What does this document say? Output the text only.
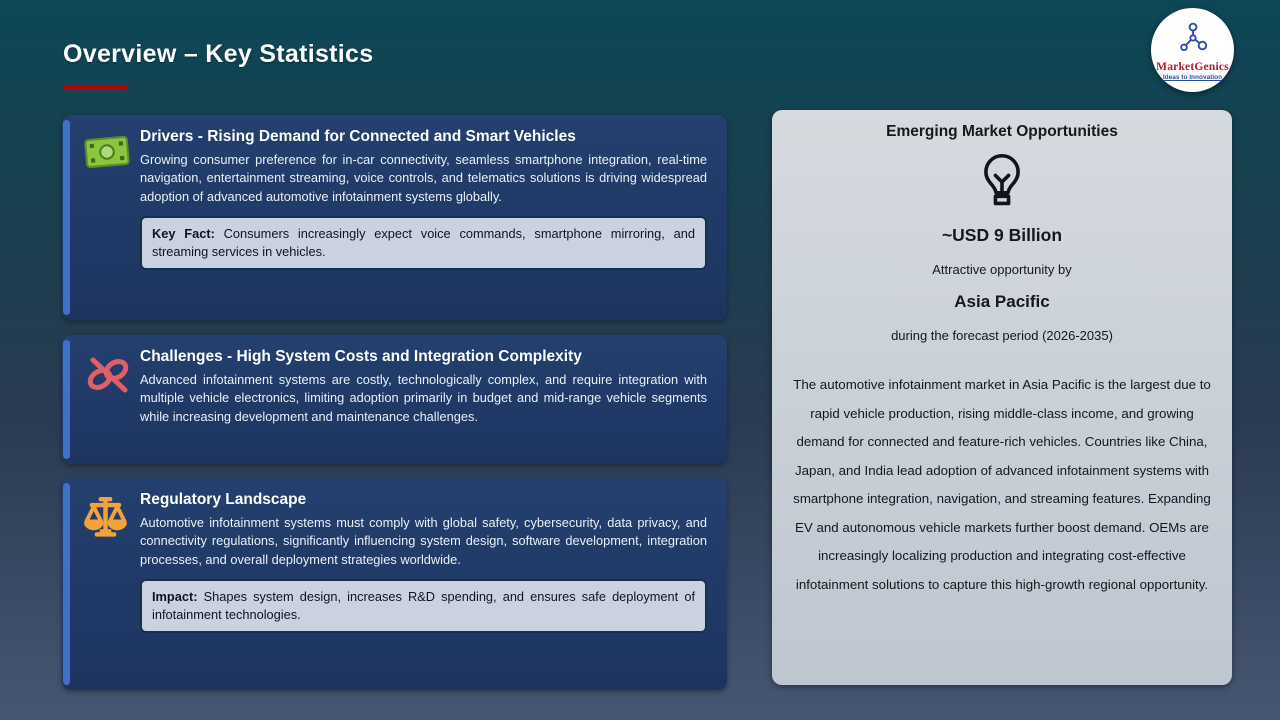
Overview – Key Statistics	MarketGenics
Ideas to Innovation
Drivers - Rising Demand for Connected and Smart Vehicles

Growing consumer preference for in-car connectivity, seamless smartphone integration, real-time navigation, entertainment streaming, voice controls, and telematics solutions is driving widespread adoption of advanced automotive infotainment systems globally.

Key Fact: Consumers increasingly expect voice commands, smartphone mirroring, and streaming services in vehicles.
Challenges - High System Costs and Integration Complexity

Advanced infotainment systems are costly, technologically complex, and require integration with multiple vehicle electronics, limiting adoption primarily in budget and mid-range vehicle segments while increasing development and maintenance challenges.

Regulatory Landscape

Automotive infotainment systems must comply with global safety, cybersecurity, data privacy, and connectivity regulations, significantly influencing system design, software development, integration processes, and overall deployment strategies worldwide.

Impact: Shapes system design, increases R&D spending, and ensures safe deployment of infotainment technologies.
Emerging Market Opportunities
~USD 9 Billion
Attractive opportunity by
Asia Pacific
during the forecast period (2026-2035)
The automotive infotainment market in Asia Pacific is the largest due to rapid vehicle production, rising middle-class income, and growing demand for connected and feature-rich vehicles. Countries like China, Japan, and India lead adoption of advanced infotainment systems with smartphone integration, navigation, and streaming features. Expanding EV and autonomous vehicle markets further boost demand. OEMs are increasingly localizing production and integrating cost-effective infotainment solutions to capture this high-growth regional opportunity.
